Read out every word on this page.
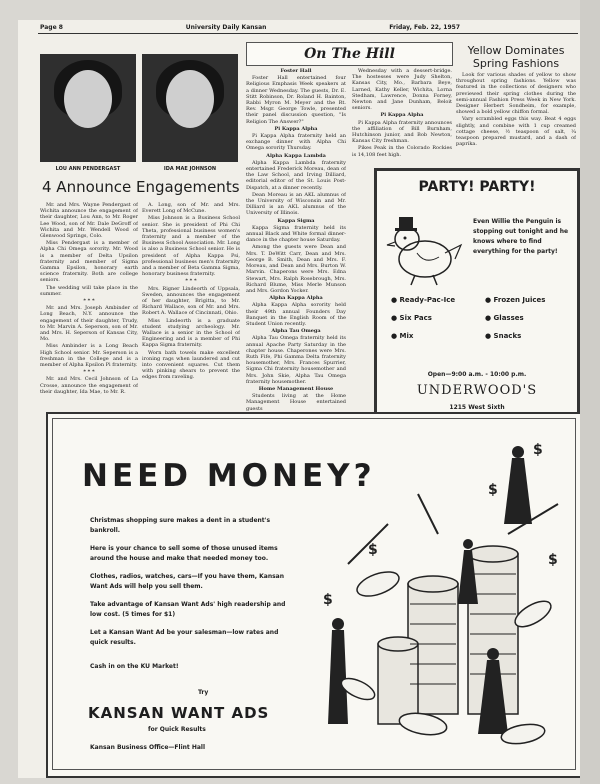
Page 8	University Daily Kansan	Friday, Feb. 22, 1957
LOU ANN PENDERGAST	IDA MAE JOHNSON
4 Announce Engagements

Mr. and Mrs. Wayne Pendergast of Wichita announce the engagement of their daughter, Lou Ann, to Mr. Roger Lee Wood, son of Mr. Dale DeGroff of Wichita and Mr. Wendell Wood of Glenwood Springs, Colo.

Miss Pendergast is a member of Alpha Chi Omega sorority. Mr. Wood is a member of Delta Upsilon fraternity and member of Sigma Gamma Epsilon, honorary earth science fraternity. Both are college seniors.

The wedding will take place in the summer.

* * *

Mr. and Mrs. Joseph Ambinder of Long Beach, N.Y. announce the engagement of their daughter, Trudy, to Mr. Marvin A. Seperson, son of Mr. and Mrs. H. Seperson of Kansas City, Mo.

Miss Ambinder is a Long Beach High School senior. Mr. Seperson is a freshman in the College and is a member of Alpha Epsilon Pi fraternity.

* * *

Mr. and Mrs. Cecil Johnson of La Crosse, announce the engagement of their daughter, Ida Mae, to Mr. R.

A. Long, son of Mr. and Mrs. Everett Long of McCune.

Miss Johnson is a Business School senior. She is president of Phi Chi Theta, professional business women's fraternity and a member of the Business School Association. Mr. Long is also a Business School senior. He is president of Alpha Kappa Psi, professional business men's fraternity and a member of Beta Gamma Sigma, honorary business fraternity.

* * *

Mrs. Rigner Lindeorth of Uppsala, Sweden, announces the engagement of her daughter, Brigitta, to Mr. Richard Wallace, son of Mr. and Mrs. Robert A. Wallace of Cincinnati, Ohio.

Miss Lindeorth is a graduate student studying archeology. Mr. Wallace is a senior in the School of Engineering and is a member of Phi Kappa Sigma fraternity.

Worn bath towels make excellent ironing rags when laundered and cut into convenient squares. Cut them with pinking shears to prevent the edges from raveling.

On The Hill

Foster Hall

Foster Hall entertained four Religious Emphasis Week speakers at a dinner Wednesday. The guests, Dr. E. Stitt Robinson, Dr. Roland H. Bainton, Rabbi Myron M. Meyer and the Rt. Rev. Msgr. George Towle, presented their panel discussion question, "Is Religion The Answer?"

Pi Kappa Alpha

Pi Kappa Alpha fraternity held an exchange dinner with Alpha Chi Omega sorority Thursday.

Alpha Kappa Lambda

Alpha Kappa Lambda fraternity entertained Frederick Moreau, dean of the Law School, and Irving Dilliard, editorial editor of the St. Louis Post-Dispatch, at a dinner recently.

Dean Moreau is an AKL alumnus of the University of Wisconsin and Mr. Dilliard is an AKL alumnus of the University of Illinois.

Kappa Sigma

Kappa Sigma fraternity held its annual Black and White formal dinner-dance in the chapter house Saturday.

Among the guests were Dean and Mrs. T. DeWitt Carr, Dean and Mrs. George B. Smith, Dean and Mrs. F. Moreau, and Dean and Mrs. Burton W. Marvin. Chaperons were Mrs. Edna Stewart, Mrs. Ralph Rosebrough, Mrs. Richard Blume, Miss Merle Munson and Mrs. Gordon Yocker.

Alpha Kappa Alpha

Alpha Kappa Alpha sorority held their 49th annual Founders Day Banquet in the English Room of the Student Union recently.

Alpha Tau Omega

Alpha Tau Omega fraternity held its annual Apache Party Saturday in the chapter house. Chaperones were Mrs. Ruth Fife, Phi Gamma Delta fraternity housemother, Mrs. Frances Spurrier, Sigma Chi fraternity housemother and Mrs. John Skie, Alpha Tau Omega fraternity housemother.

Home Management House

Students living at the Home Management House entertained guests

Wednesday with a dessert-bridge. The hostesses were Judy Shelton, Kansas City, Mo., Barbara Beye, Larned, Kathy Keller, Wichita, Lorna Stedham, Lawrence, Donna Forney, Newton and Jane Dunham, Beloit seniors.

Pi Kappa Alpha

Pi Kappa Alpha fraternity announces the affiliation of Bill Burnham, Hutchinson junior, and Bob Newton, Kansas City freshman.

Pikes Peak in the Colorado Rockies is 14,108 feet high.

Yellow Dominates
Spring Fashions

Look for various shades of yellow to show throughout spring fashions. Yellow was featured in the collections of designers who previewed their spring clothes during the semi-annual Fashion Press Week in New York. Designer Herbert Sondheim, for example, showed a bold yellow chiffon formal.

Vary scrambled eggs this way. Beat 4 eggs slightly, and combine with 1 cup creamed cottage cheese, ½ teaspoon of salt, ¼ teaspoon prepared mustard, and a dash of paprika.

PARTY! PARTY!
Even Willie the Penguin is stopping out tonight and he knows where to find everything for the party!
● Ready-Pac-Ice	● Frozen Juices
● Six Pacs	● Glasses
● Mix	● Snacks
Open—9:00 a.m. - 10:00 p.m.
UNDERWOOD'S
1215 West Sixth
NEED MONEY?
Christmas shopping sure makes a dent in a student's bankroll.
Here is your chance to sell some of those unused items around the house and make that needed money too.
Clothes, radios, watches, cars—If you have them, Kansan Want Ads will help you sell them.
Take advantage of Kansan Want Ads' high readership and low cost. (5 times for $1)
Let a Kansan Want Ad be your salesman—low rates and quick results.
Cash in on the KU Market!
Try
KANSAN WANT ADS
for Quick Results
Kansan Business Office—Flint Hall
$
$
$
$
$
